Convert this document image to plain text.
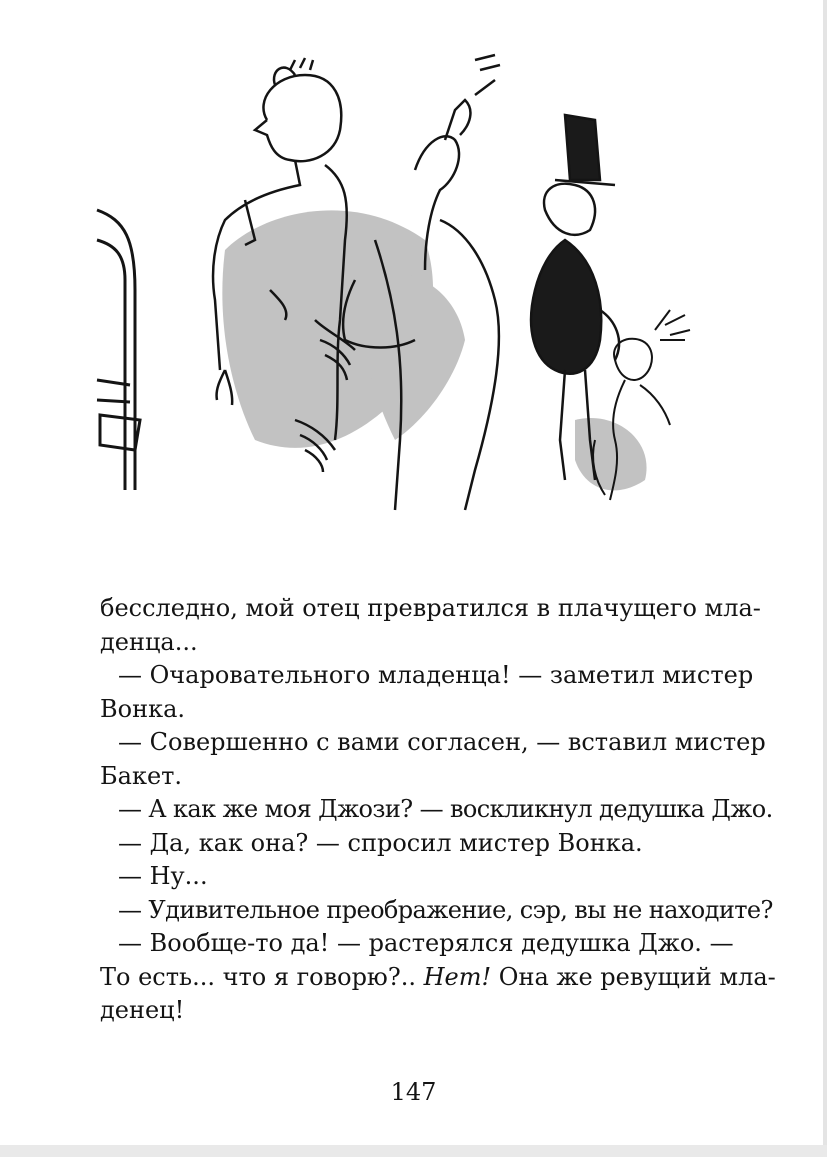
бесследно, мой отец превратился в плачущего мла-
денца...
— Очаровательного младенца! — заметил мистер
Вонка.
— Совершенно с вами согласен, — вставил мистер
Бакет.
— А как же моя Джози? — воскликнул дедушка Джо.
— Да, как она? — спросил мистер Вонка.
— Ну...
— Удивительное преображение, сэр, вы не находите?
— Вообще-то да! — растерялся дедушка Джо. —
То есть... что я говорю?.. Нет! Она же ревущий мла-
денец!
147
